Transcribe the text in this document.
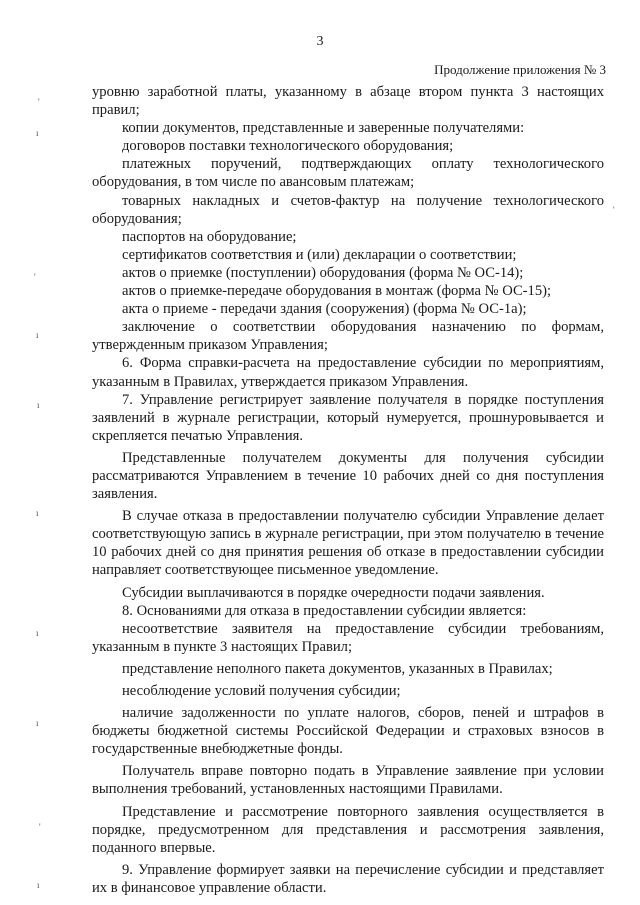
3
Продолжение приложения № 3

уровню заработной платы, указанному в абзаце втором пункта 3 настоящих правил;

копии документов, представленные и заверенные получателями:

договоров поставки технологического оборудования;

платежных поручений, подтверждающих оплату технологического оборудования, в том числе по авансовым платежам;

товарных накладных и счетов-фактур на получение технологического оборудования;

паспортов на оборудование;

сертификатов соответствия и (или) декларации о соответствии;

актов о приемке (поступлении) оборудования (форма № ОС-14);

актов о приемке-передаче оборудования в монтаж (форма № ОС-15);

акта о приеме - передачи здания (сооружения) (форма № ОС-1а);

заключение о соответствии оборудования назначению по формам, утвержденным приказом Управления;

6. Форма справки-расчета на предоставление субсидии по мероприятиям, указанным в Правилах, утверждается приказом Управления.

7. Управление регистрирует заявление получателя в порядке поступления заявлений в журнале регистрации, который нумеруется, прошнуровывается и скрепляется печатью Управления.

Представленные получателем документы для получения субсидии рассматриваются Управлением в течение 10 рабочих дней со дня поступления заявления.

В случае отказа в предоставлении получателю субсидии Управление делает соответствующую запись в журнале регистрации, при этом получателю в течение 10 рабочих дней со дня принятия решения об отказе в предоставлении субсидии направляет соответствующее письменное уведомление.

Субсидии выплачиваются в порядке очередности подачи заявления.

8. Основаниями для отказа в предоставлении субсидии является:

несоответствие заявителя на предоставление субсидии требованиям, указанным в пункте 3 настоящих Правил;

представление неполного пакета документов, указанных в Правилах;

несоблюдение условий получения субсидии;

наличие задолженности по уплате налогов, сборов, пеней и штрафов в бюджеты бюджетной системы Российской Федерации и страховых взносов в государственные внебюджетные фонды.

Получатель вправе повторно подать в Управление заявление при условии выполнения требований, установленных настоящими Правилами.

Представление и рассмотрение повторного заявления осуществляется в порядке, предусмотренном для представления и рассмотрения заявления, поданного впервые.

9. Управление формирует заявки на перечисление субсидии и представляет их в финансовое управление области.

'
ı
'
'
ı
ı
ı
ı
ı
'
ı
